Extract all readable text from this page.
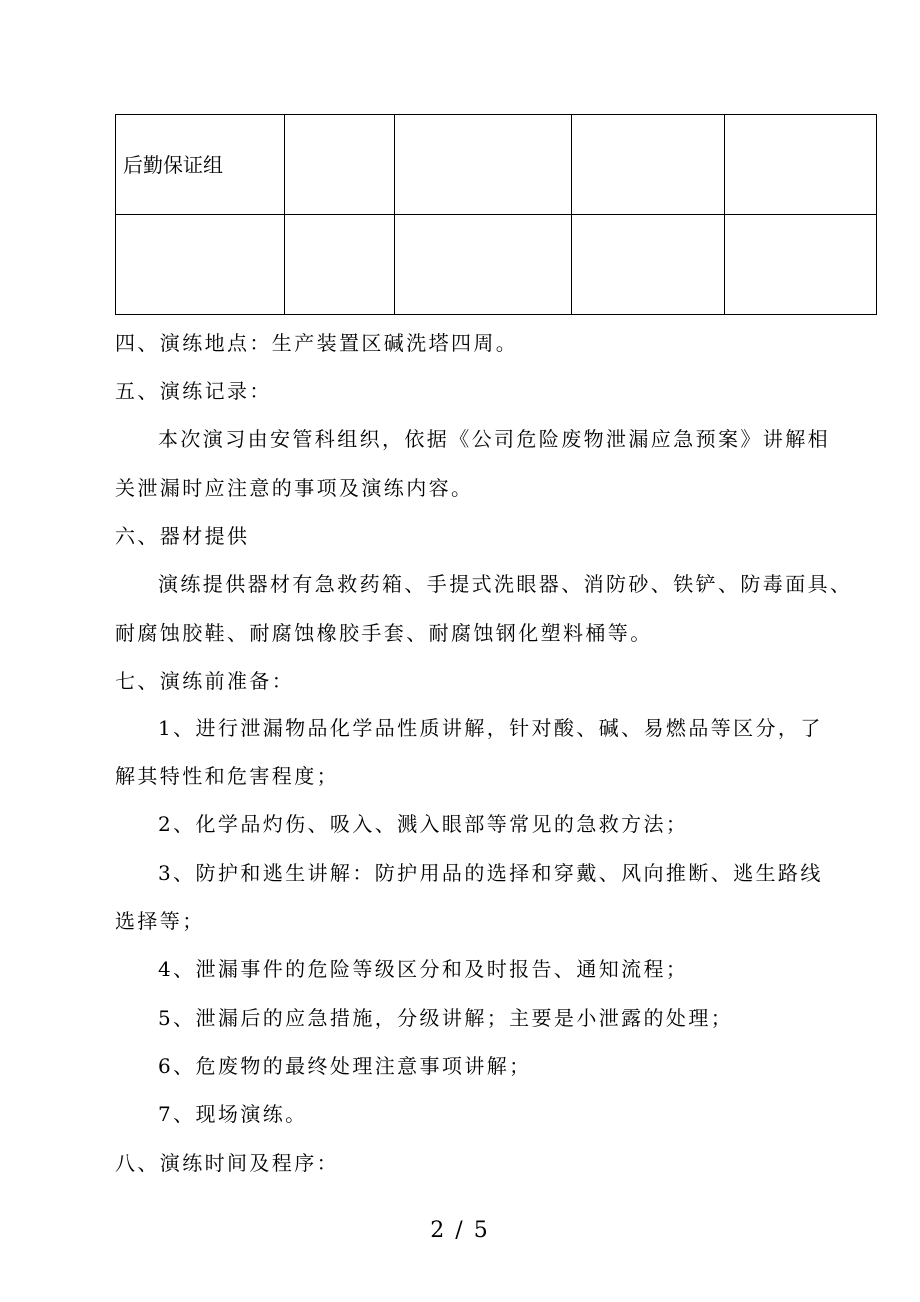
后勤保证组				

四、演练地点：生产装置区碱洗塔四周。
五、演练记录：
本次演习由安管科组织，依据《公司危险废物泄漏应急预案》讲解相
关泄漏时应注意的事项及演练内容。
六、器材提供
演练提供器材有急救药箱、手提式洗眼器、消防砂、铁铲、防毒面具、
耐腐蚀胶鞋、耐腐蚀橡胶手套、耐腐蚀钢化塑料桶等。
七、演练前准备：
1、进行泄漏物品化学品性质讲解，针对酸、碱、易燃品等区分，了
解其特性和危害程度；
2、化学品灼伤、吸入、溅入眼部等常见的急救方法；
3、防护和逃生讲解：防护用品的选择和穿戴、风向推断、逃生路线
选择等；
4、泄漏事件的危险等级区分和及时报告、通知流程；
5、泄漏后的应急措施，分级讲解；主要是小泄露的处理；
6、危废物的最终处理注意事项讲解；
7、现场演练。
八、演练时间及程序：
2 / 5
